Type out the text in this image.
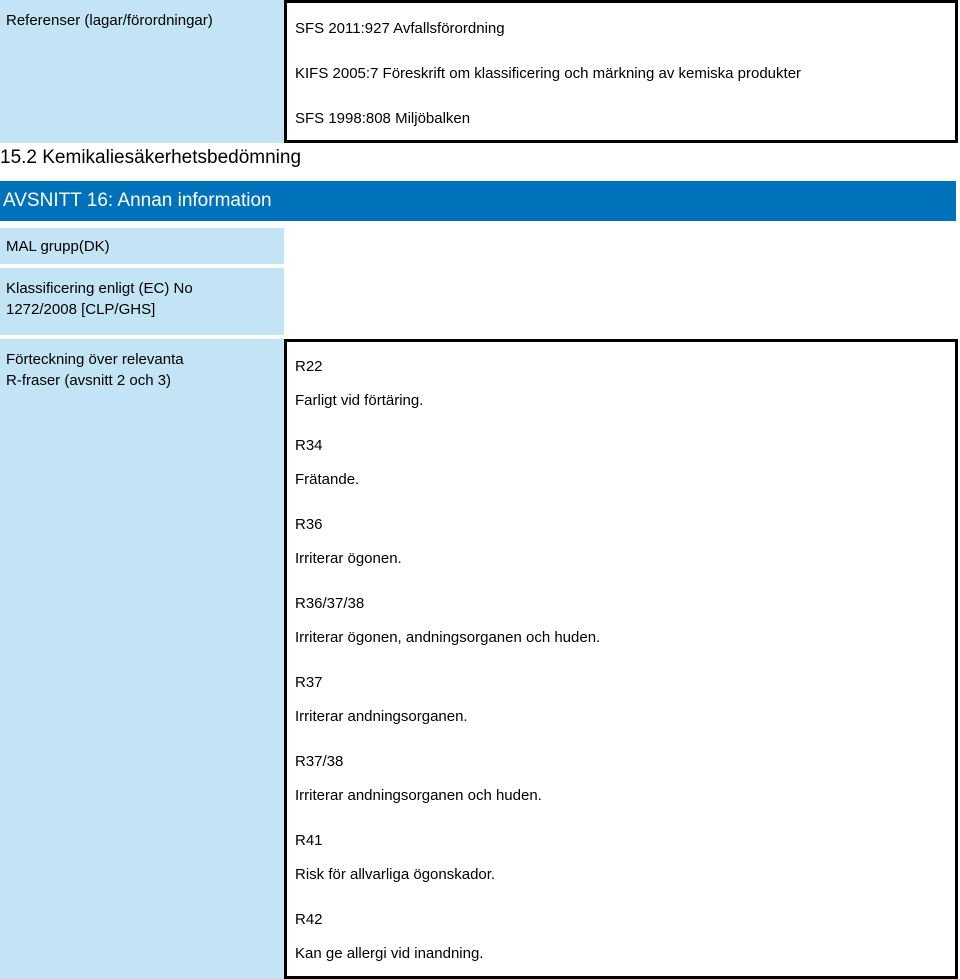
Referenser (lagar/förordningar)	SFS 2011:927 Avfallsförordning
KIFS 2005:7 Föreskrift om klassificering och märkning av kemiska produkter
SFS 1998:808 Miljöbalken
15.2 Kemikaliesäkerhetsbedömning
AVSNITT 16: Annan information
MAL grupp(DK)
Klassificering enligt (EC) No
1272/2008 [CLP/GHS]
Förteckning över relevanta
R-fraser (avsnitt 2 och 3)
R22
Farligt vid förtäring.
R34
Frätande.
R36
Irriterar ögonen.
R36/37/38
Irriterar ögonen, andningsorganen och huden.
R37
Irriterar andningsorganen.
R37/38
Irriterar andningsorganen och huden.
R41
Risk för allvarliga ögonskador.
R42
Kan ge allergi vid inandning.
